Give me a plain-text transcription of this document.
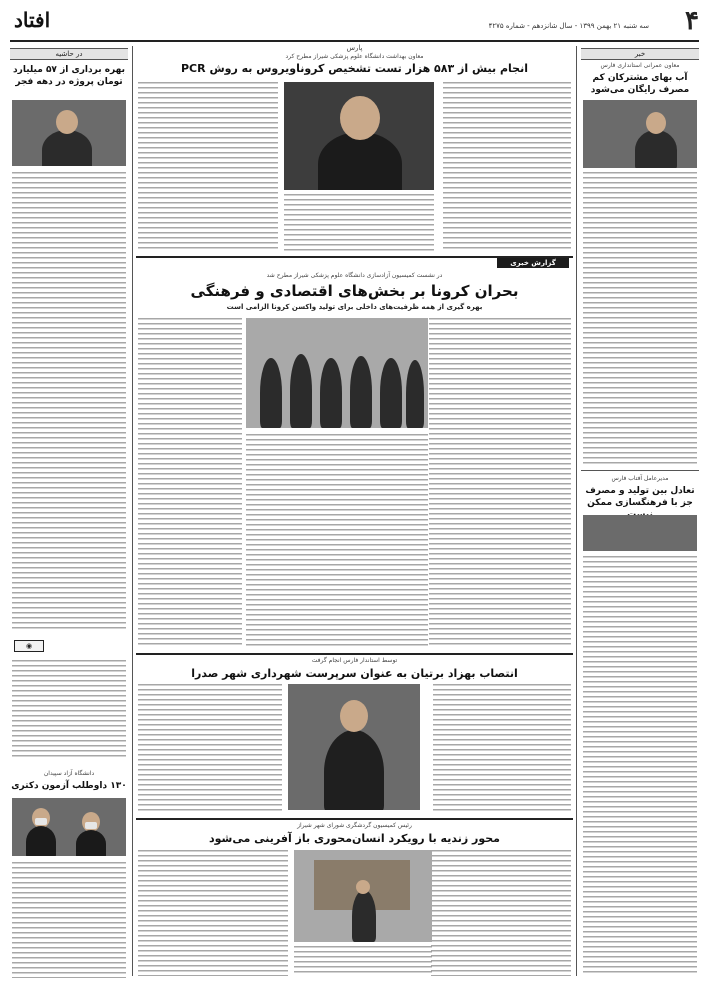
۴
سه شنبه ۲۱ بهمن ۱۳۹۹ - سال شانزدهم - شماره ۴۲۷۵
افتاد
خبر
معاون عمرانی استانداری فارس
آب بهای مشترکان کم مصرف رایگان می‌شود
مدیرعامل آفتاب فارس
تعادل بین تولید و مصرف جز با فرهنگسازی ممکن
در حاشیه
بهره برداری از ۵۷ میلیارد تومان پروژه در دهه فجر
◉
دانشگاه آزاد سپیدان
۱۳۰ داوطلب آزمون دکتری
پارس
معاون بهداشت دانشگاه علوم پزشکی شیراز مطرح کرد
انجام بیش از ۵۸۳ هزار تست تشخیص کرونا‌ویروس به روش PCR
گزارش خبری
در نشست کمیسیون آزادسازی دانشگاه علوم پزشکی شیراز مطرح شد
بحران کرونا بر بخش‌های اقتصادی و فرهنگی
بهره گیری از همه ظرفیت‌های داخلی برای تولید واکسن کرونا الزامی است
توسط استاندار فارس انجام گرفت
انتصاب بهزاد برتیان به عنوان سرپرست شهرداری شهر صدرا
رئیس کمیسیون گردشگری شورای شهر شیراز
محور زندیه با رویکرد انسان‌محوری باز آفرینی می‌شود
